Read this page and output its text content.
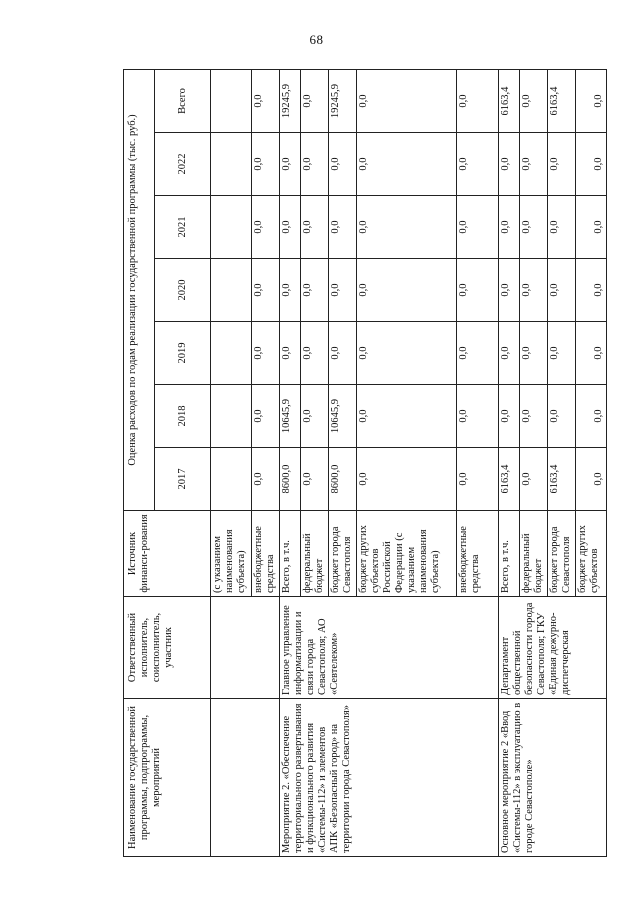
68
Наименование государственной программы, подпрограммы, мероприятий	Ответственный исполнитель, соисполнитель, участник	Источник финанси-рования	Оценка расходов по годам реализации государственной программы (тыс. руб.)						
			2017	2018	2019	2020	2021	2022	Всего
		(с указанием наименования субъекта)							
		внебюджетные средства	0,0	0,0	0,0	0,0	0,0	0,0	0,0
Мероприятие 2. «Обеспечение территориального развертывания и функционального развития «Системы-112» и элементов АПК «Безопасный город» на территории города Севастополя»	Главное управление информатизации и связи города Севастополя; АО «Севтелеком»	Всего, в т.ч.	8600,0	10645,9	0,0	0,0	0,0	0,0	19245,9
		федеральный бюджет	0,0	0,0	0,0	0,0	0,0	0,0	0,0
		бюджет города Севастополя	8600,0	10645,9	0,0	0,0	0,0	0,0	19245,9
		бюджет других субъектов Российской Федерации (с указанием наименования субъекта)	0,0	0,0	0,0	0,0	0,0	0,0	0,0
		внебюджетные средства	0,0	0,0	0,0	0,0	0,0	0,0	0,0
Основное мероприятие 2 «Ввод «Системы-112» в эксплуатацию в городе Севастополе»	Департамент общественной безопасности города Севастополя; ГКУ «Единая дежурно-диспетчерская	Всего, в т.ч.	6163,4	0,0	0,0	0,0	0,0	0,0	6163,4
		федеральный бюджет	0,0	0,0	0,0	0,0	0,0	0,0	0,0
		бюджет города Севастополя	6163,4	0,0	0,0	0,0	0,0	0,0	6163,4
		бюджет других субъектов	0,0	0,0	0,0	0,0	0,0	0,0	0,0
